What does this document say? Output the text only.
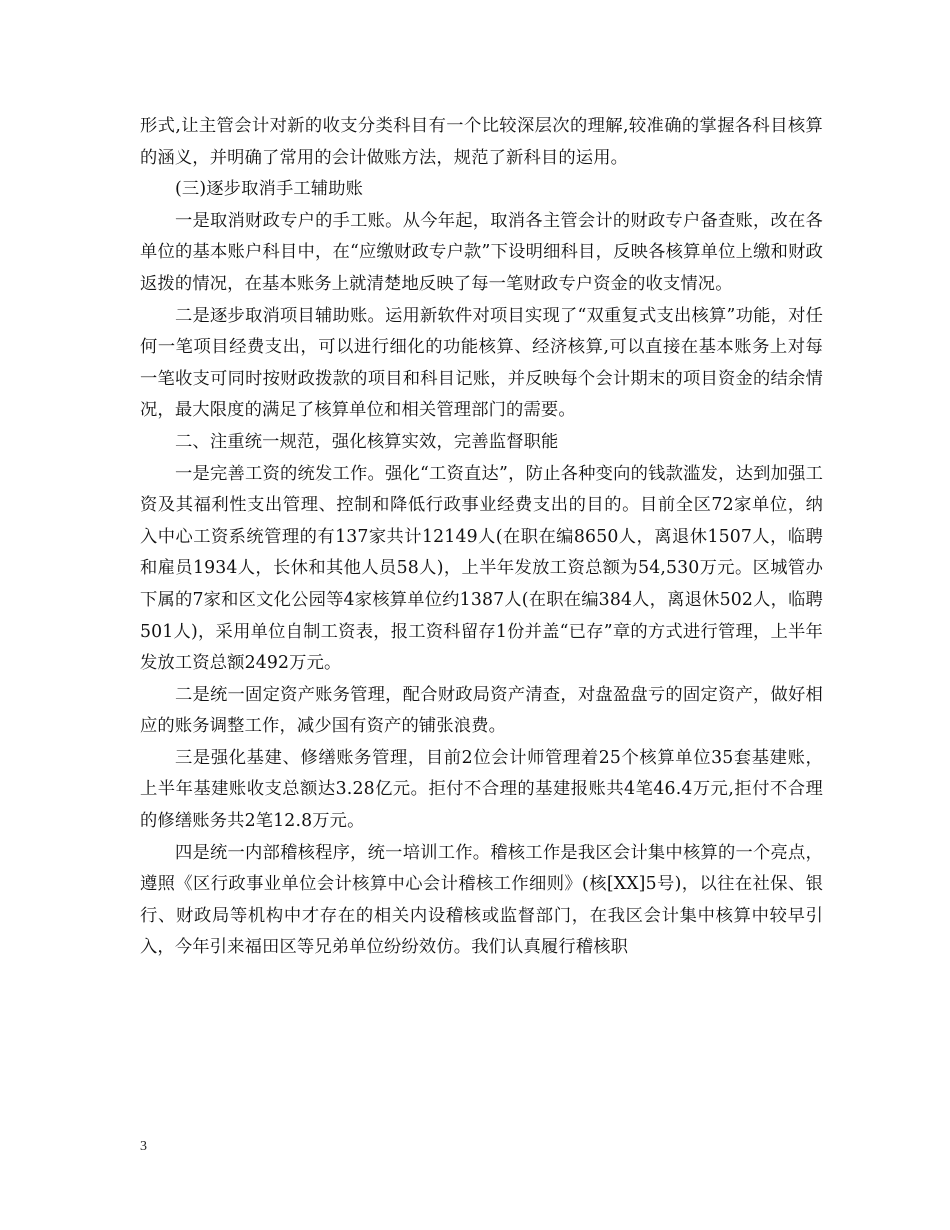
形式,让主管会计对新的收支分类科目有一个比较深层次的理解,较准确的掌握各科目核算的涵义，并明确了常用的会计做账方法，规范了新科目的运用。

(三)逐步取消手工辅助账

一是取消财政专户的手工账。从今年起，取消各主管会计的财政专户备查账，改在各单位的基本账户科目中，在“应缴财政专户款”下设明细科目，反映各核算单位上缴和财政返拨的情况，在基本账务上就清楚地反映了每一笔财政专户资金的收支情况。

二是逐步取消项目辅助账。运用新软件对项目实现了“双重复式支出核算”功能，对任何一笔项目经费支出，可以进行细化的功能核算、经济核算,可以直接在基本账务上对每一笔收支可同时按财政拨款的项目和科目记账，并反映每个会计期末的项目资金的结余情况，最大限度的满足了核算单位和相关管理部门的需要。

二、注重统一规范，强化核算实效，完善监督职能

一是完善工资的统发工作。强化“工资直达”，防止各种变向的钱款滥发，达到加强工资及其福利性支出管理、控制和降低行政事业经费支出的目的。目前全区72家单位，纳入中心工资系统管理的有137家共计12149人(在职在编8650人，离退休1507人，临聘和雇员1934人，长休和其他人员58人)，上半年发放工资总额为54,530万元。区城管办下属的7家和区文化公园等4家核算单位约1387人(在职在编384人，离退休502人，临聘501人)，采用单位自制工资表，报工资科留存1份并盖“已存”章的方式进行管理，上半年发放工资总额2492万元。

二是统一固定资产账务管理，配合财政局资产清查，对盘盈盘亏的固定资产，做好相应的账务调整工作，减少国有资产的铺张浪费。

三是强化基建、修缮账务管理，目前2位会计师管理着25个核算单位35套基建账，上半年基建账收支总额达3.28亿元。拒付不合理的基建报账共4笔46.4万元,拒付不合理的修缮账务共2笔12.8万元。

四是统一内部稽核程序，统一培训工作。稽核工作是我区会计集中核算的一个亮点，遵照《区行政事业单位会计核算中心会计稽核工作细则》(核[XX]5号)，以往在社保、银行、财政局等机构中才存在的相关内设稽核或监督部门，在我区会计集中核算中较早引入，今年引来福田区等兄弟单位纷纷效仿。我们认真履行稽核职

3
